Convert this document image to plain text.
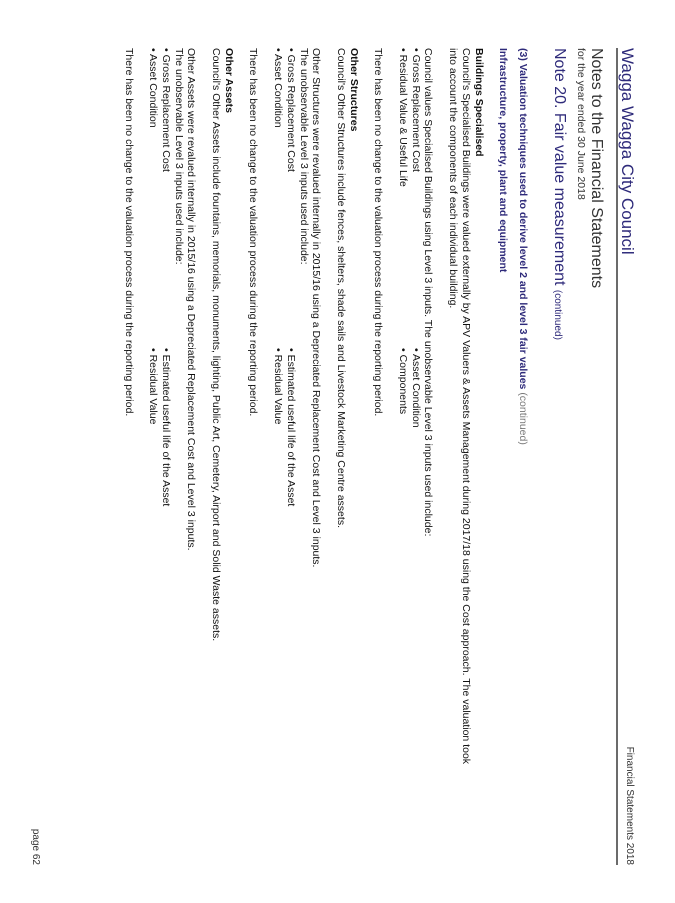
Wagga Wagga City Council
Financial Statements 2018
Notes to the Financial Statements
for the year ended 30 June 2018
Note 20. Fair value measurement (continued)
(3) Valuation techniques used to derive level 2 and level 3 fair values (continued)
Infrastructure, property, plant and equipment
Buildings Specialised
Council's Specialised Buildings were valued externally by APV Valuers & Assets Management during 2017/18 using the Cost approach. The valuation took
into account the components of each individual building.
Council values Specialised Buildings using Level 3 inputs. The unobservable Level 3 inputs used include:
• Gross Replacement Cost
• Asset Condition
• Residual Value & Useful Life
• Components
There has been no change to the valuation process during the reporting period.
Other Structures
Council's Other Structures include fences, shelters, shade sails and Livestock Marketing Centre assets.
Other Structures were revalued internally in 2015/16 using a Depreciated Replacement Cost and Level 3 inputs.
The unobservable Level 3 inputs used include:
• Gross Replacement Cost
• Estimated useful life of the Asset
• Asset Condition
• Residual Value
There has been no change to the valuation process during the reporting period.
Other Assets
Council's Other Assets include fountains, memorials, monuments, lighting, Public Art, Cemetery, Airport and Solid Waste assets.
Other Assets were revalued internally in 2015/16 using a Depreciated Replacement Cost and Level 3 inputs.
The unobservable Level 3 inputs used include:
• Gross Replacement Cost
• Estimated useful life of the Asset
• Asset Condition
• Residual Value
There has been no change to the valuation process during the reporting period.
page 62
